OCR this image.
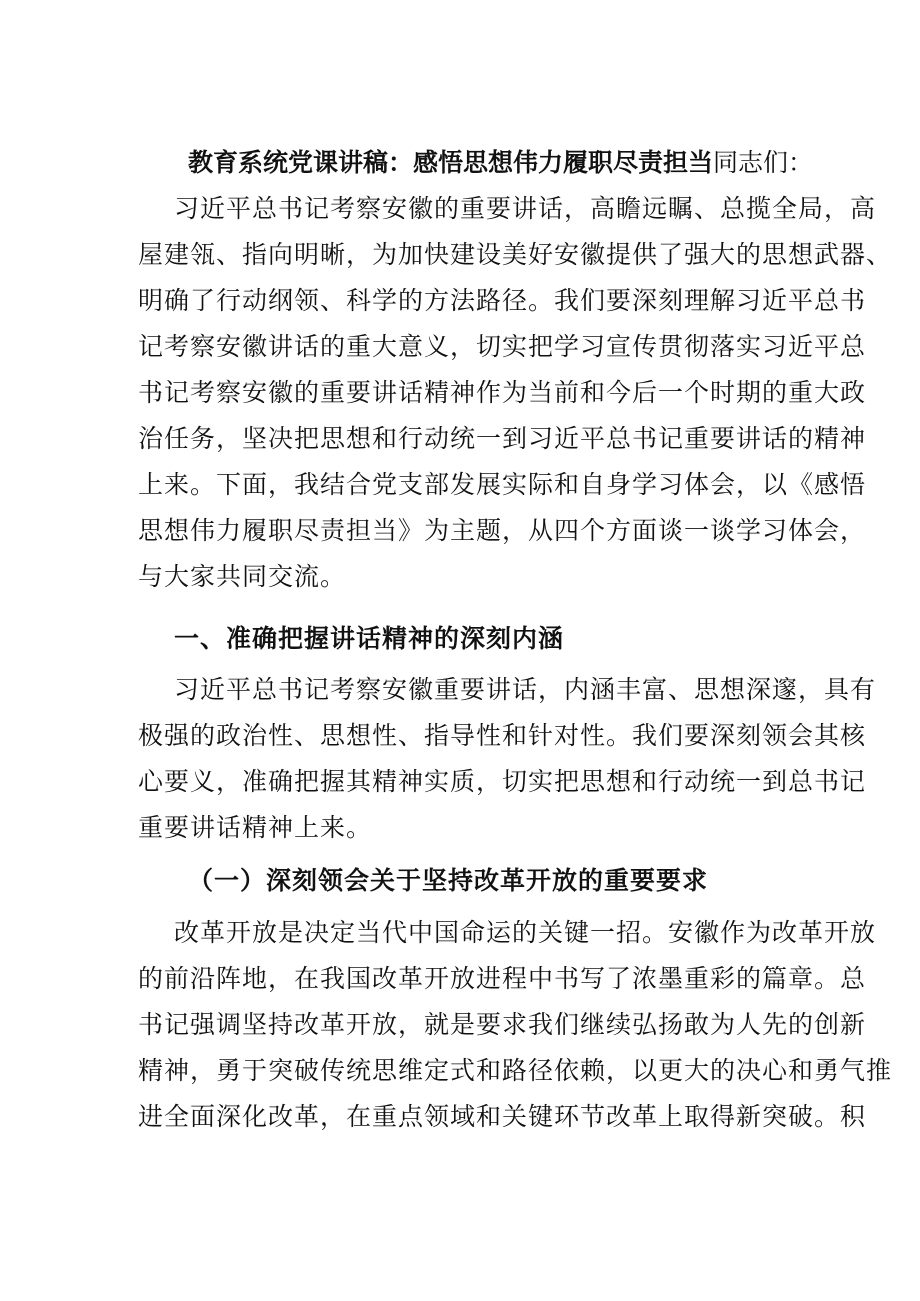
教育系统党课讲稿：感悟思想伟力履职尽责担当同志们：
习近平总书记考察安徽的重要讲话，高瞻远瞩、总揽全局，高
屋建瓴、指向明晰，为加快建设美好安徽提供了强大的思想武器、
明确了行动纲领、科学的方法路径。我们要深刻理解习近平总书
记考察安徽讲话的重大意义，切实把学习宣传贯彻落实习近平总
书记考察安徽的重要讲话精神作为当前和今后一个时期的重大政
治任务，坚决把思想和行动统一到习近平总书记重要讲话的精神
上来。下面，我结合党支部发展实际和自身学习体会，以《感悟
思想伟力履职尽责担当》为主题，从四个方面谈一谈学习体会，
与大家共同交流。
一、准确把握讲话精神的深刻内涵
习近平总书记考察安徽重要讲话，内涵丰富、思想深邃，具有
极强的政治性、思想性、指导性和针对性。我们要深刻领会其核
心要义，准确把握其精神实质，切实把思想和行动统一到总书记
重要讲话精神上来。
（一）深刻领会关于坚持改革开放的重要要求
改革开放是决定当代中国命运的关键一招。安徽作为改革开放
的前沿阵地，在我国改革开放进程中书写了浓墨重彩的篇章。总
书记强调坚持改革开放，就是要求我们继续弘扬敢为人先的创新
精神，勇于突破传统思维定式和路径依赖，以更大的决心和勇气推
进全面深化改革，在重点领域和关键环节改革上取得新突破。积
